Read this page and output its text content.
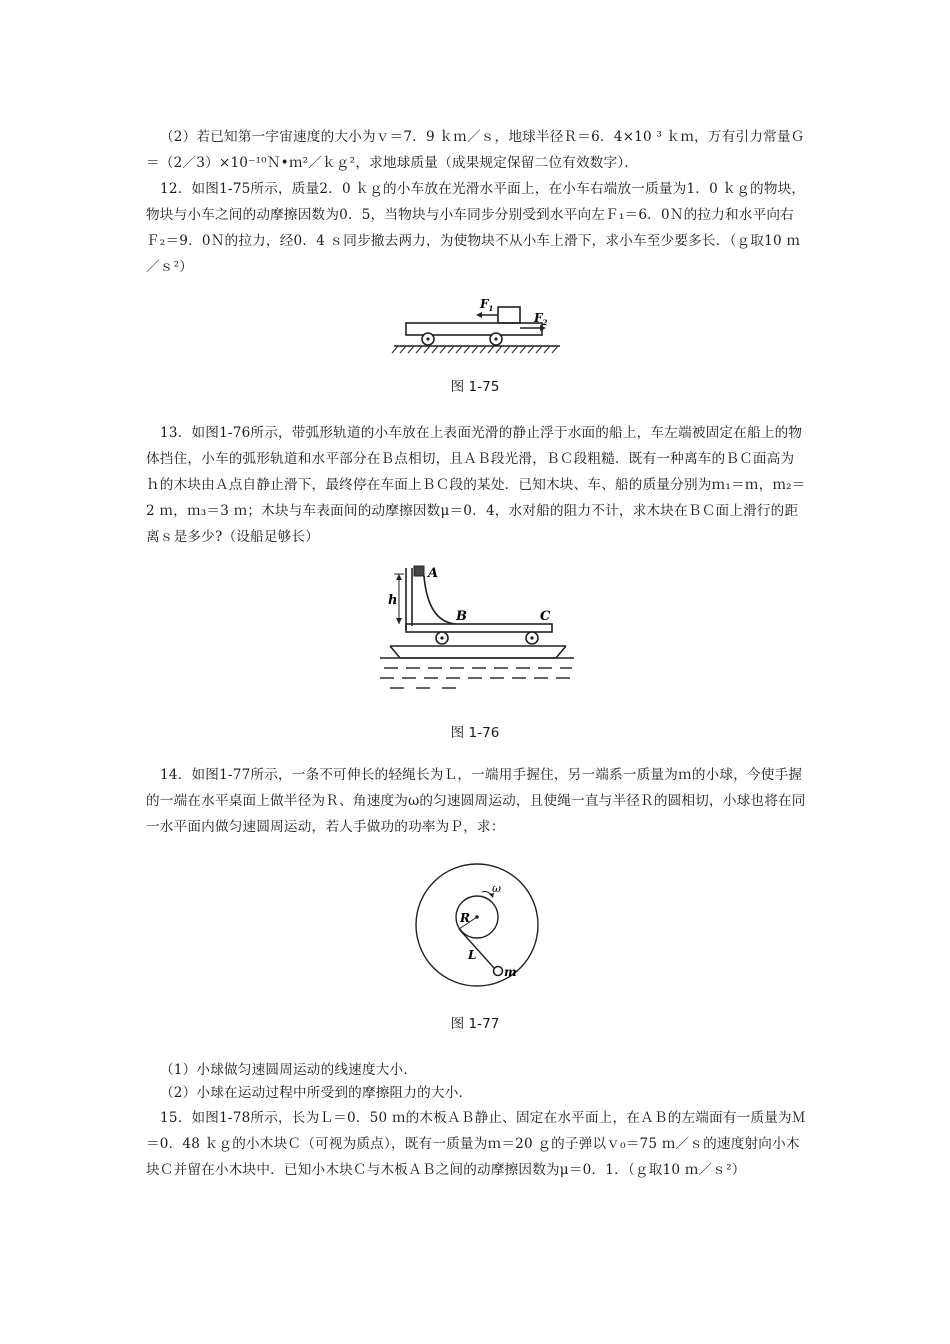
（2）若已知第一宇宙速度的大小为ｖ＝7．9 ｋｍ／ｓ，地球半径Ｒ＝6．4×10 ³ ｋｍ，万有引力常量Ｇ＝（2／3）×10⁻¹⁰Ｎ•ｍ²／ｋｇ²，求地球质量（成果规定保留二位有效数字）．

12．如图1-75所示，质量2．0 ｋｇ的小车放在光滑水平面上，在小车右端放一质量为1．0 ｋｇ的物块，物块与小车之间的动摩擦因数为0．5，当物块与小车同步分别受到水平向左Ｆ₁＝6．0Ｎ的拉力和水平向右Ｆ₂＝9．0Ｎ的拉力，经0．4 ｓ同步撤去两力，为使物块不从小车上滑下，求小车至少要多长．（ｇ取10 ｍ／ｓ²）

$F_1$
$F_2$
图 1-75

13．如图1-76所示，带弧形轨道的小车放在上表面光滑的静止浮于水面的船上，车左端被固定在船上的物体挡住，小车的弧形轨道和水平部分在Ｂ点相切，且ＡＢ段光滑，ＢＣ段粗糙．既有一种离车的ＢＣ面高为ｈ的木块由Ａ点自静止滑下，最终停在车面上ＢＣ段的某处．已知木块、车、船的质量分别为ｍ₁＝ｍ，ｍ₂＝2 ｍ，ｍ₃＝3 ｍ；木块与车表面间的动摩擦因数μ＝0．4，水对船的阻力不计，求木块在ＢＣ面上滑行的距离ｓ是多少?（设船足够长）

A
h
B	C
图 1-76

14．如图1-77所示，一条不可伸长的轻绳长为Ｌ，一端用手握住，另一端系一质量为ｍ的小球，今使手握的一端在水平桌面上做半径为Ｒ、角速度为ω的匀速圆周运动，且使绳一直与半径Ｒ的圆相切，小球也将在同一水平面内做匀速圆周运动，若人手做功的功率为Ｐ，求：

R
L
m
ω
图 1-77

（1）小球做匀速圆周运动的线速度大小．

（2）小球在运动过程中所受到的摩擦阻力的大小．

15．如图1-78所示，长为Ｌ＝0．50 ｍ的木板ＡＢ静止、固定在水平面上，在ＡＢ的左端面有一质量为Ｍ＝0．48 ｋｇ的小木块Ｃ（可视为质点），既有一质量为ｍ＝20 ｇ的子弹以ｖ₀＝75 ｍ／ｓ的速度射向小木块Ｃ并留在小木块中．已知小木块Ｃ与木板ＡＢ之间的动摩擦因数为μ＝0．1．（ｇ取10 ｍ／ｓ²）
